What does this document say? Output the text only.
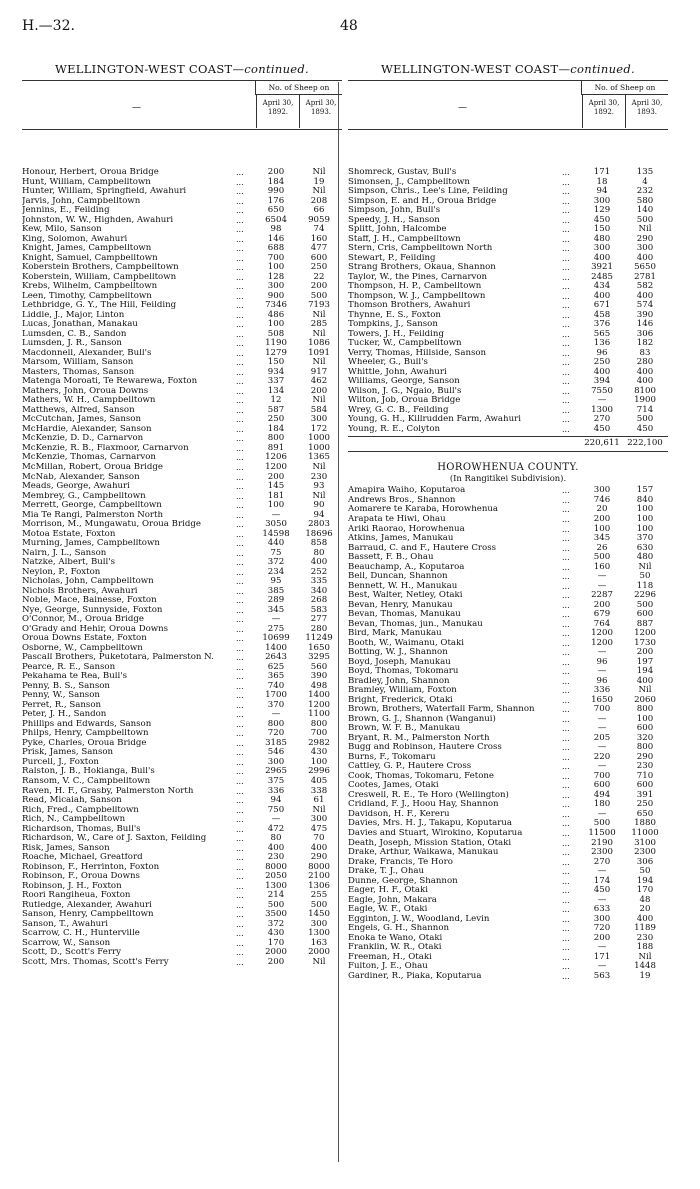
H.—32.	48
WELLINGTON-WEST COAST—continued.
—
No. of Sheep on
April 30, 1892.
April 30, 1893.
Honour, Herbert, Oroua Bridge	...	200	Nil
Hunt, William, Campbelltown	...	184	19
Hunter, William, Springfield, Awahuri	...	990	Nil
Jarvis, John, Campbelltown	...	176	208
Jennins, E., Feilding	...	650	66
Johnston, W. W., Highden, Awahuri	...	6504	9059
Kew, Milo, Sanson	...	98	74
King, Solomon, Awahuri	...	146	160
Knight, James, Campbelltown	...	688	477
Knight, Samuel, Campbelltown	...	700	600
Koberstein Brothers, Campbelltown	...	100	250
Koberstein, William, Campbelltown	...	128	22
Krebs, Wilhelm, Campbelltown	...	300	200
Leen, Timothy, Campbelltown	...	900	500
Lethbridge, G. Y., The Hill, Feilding	...	7346	7193
Liddle, J., Major, Linton	...	486	Nil
Lucas, Jonathan, Manakau	...	100	285
Lumsden, C. B., Sandon	...	508	Nil
Lumsden, J. R., Sanson	...	1190	1086
Macdonnell, Alexander, Bull's	...	1279	1091
Marsom, William, Sanson	...	150	Nil
Masters, Thomas, Sanson	...	934	917
Matenga Moroati, Te Rewarewa, Foxton	...	337	462
Mathers, John, Oroua Downs	...	134	200
Mathers, W. H., Campbelltown	...	12	Nil
Matthews, Alfred, Sanson	...	587	584
McCutchan, James, Sanson	...	250	300
McHardie, Alexander, Sanson	...	184	172
McKenzie, D. D., Carnarvon	...	800	1000
McKenzie, R. B., Flaxmoor, Carnarvon	...	891	1000
McKenzie, Thomas, Carnarvon	...	1206	1365
McMillan, Robert, Oroua Bridge	...	1200	Nil
McNab, Alexander, Sanson	...	200	230
Meads, George, Awahuri	...	145	93
Membrey, G., Campbelltown	...	181	Nil
Merrett, George, Campbelltown	...	100	90
Mia Te Rangi, Palmerston North	...	—	94
Morrison, M., Mungawatu, Oroua Bridge	...	3050	2803
Motoa Estate, Foxton	...	14598	18696
Murning, James, Campbelltown	...	440	858
Nairn, J. L., Sanson	...	75	80
Natzke, Albert, Bull's	...	372	400
Neylon, P., Foxton	...	234	252
Nicholas, John, Campbelltown	...	95	335
Nichols Brothers, Awahuri	...	385	340
Noble, Mace, Bainesse, Foxton	...	289	268
Nye, George, Sunnyside, Foxton	...	345	583
O'Connor, M., Oroua Bridge	...	—	277
O'Grady and Hehir, Oroua Downs	...	275	280
Oroua Downs Estate, Foxton	...	10699	11249
Osborne, W., Campbelltown	...	1400	1650
Pascall Brothers, Puketotara, Palmerston N.	...	2643	3295
Pearce, R. E., Sanson	...	625	560
Pekahama te Rea, Bull's	...	365	390
Penny, B. S., Sanson	...	740	498
Penny, W., Sanson	...	1700	1400
Perret, R., Sanson	...	370	1200
Peter, J. H., Sandon	...	—	1100
Phillips and Edwards, Sanson	...	800	800
Philps, Henry, Campbelltown	...	720	700
Pyke, Charles, Oroua Bridge	...	3185	2982
Prisk, James, Sanson	...	546	430
Purcell, J., Foxton	...	300	100
Ralston, J. B., Hokianga, Bull's	...	2965	2996
Ransom, V. C., Campbelltown	...	375	405
Raven, H. F., Grasby, Palmerston North	...	336	338
Read, Micaiah, Sanson	...	94	61
Rich, Fred., Campbelltown	...	750	Nil
Rich, N., Campbelltown	...	—	300
Richardson, Thomas, Bull's	...	472	475
Richardson, W., Care of J. Saxton, Feilding	...	80	70
Risk, James, Sanson	...	400	400
Roache, Michael, Greatford	...	230	290
Robinson, F., Herrinton, Foxton	...	8000	8000
Robinson, F., Oroua Downs	...	2050	2100
Robinson, J. H., Foxton	...	1300	1306
Roori Rangiheua, Foxton	...	214	255
Rutledge, Alexander, Awahuri	...	500	500
Sanson, Henry, Campbelltown	...	3500	1450
Sanson, T., Awahuri	...	372	300
Scarrow, C. H., Hunterville	...	430	1300
Scarrow, W., Sanson	...	170	163
Scott, D., Scott's Ferry	...	2000	2000
Scott, Mrs. Thomas, Scott's Ferry	...	200	Nil
WELLINGTON-WEST COAST—continued.
—
No. of Sheep on
April 30, 1892.
April 30, 1893.
Shomreck, Gustav, Bull's	...	171	135
Simonsen, J., Campbelltown	...	18	4
Simpson, Chris., Lee's Line, Feilding	...	94	232
Simpson, E. and H., Oroua Bridge	...	300	580
Simpson, John, Bull's	...	129	140
Speedy, J. H., Sanson	...	450	500
Splitt, John, Halcombe	...	150	Nil
Staff, J. H., Campbelltown	...	480	290
Stern, Cris, Campbelltown North	...	300	300
Stewart, P., Feilding	...	400	400
Strang Brothers, Okaua, Shannon	...	3921	5650
Taylor, W., the Pines, Carnarvon	...	2485	2781
Thompson, H. P., Cambelltown	...	434	582
Thompson, W. J., Campbelltown	...	400	400
Thomson Brothers, Awahuri	...	671	574
Thynne, E. S., Foxton	...	458	390
Tompkins, J., Sanson	...	376	146
Towers, J. H., Feilding	...	565	306
Tucker, W., Campbelltown	...	136	182
Verry, Thomas, Hillside, Sanson	...	96	83
Wheeler, G., Bull's	...	250	280
Whittle, John, Awahuri	...	400	400
Williams, George, Sanson	...	394	400
Wilson, J. G., Ngaio, Bull's	...	7550	8100
Wilton, Job, Oroua Bridge	...	—	1900
Wrey, G. C. B., Feilding	...	1300	714
Young, G. H., Killrudden Farm, Awahuri	...	270	500
Young, R. E., Colyton	...	450	450
220,611 222,100
HOROWHENUA COUNTY.
(In Rangitikei Subdivision).
Amapira Waiho, Koputaroa	...	300	157
Andrews Bros., Shannon	...	746	840
Aomarere te Karaba, Horowhenua	...	20	100
Arapata te Hiwi, Ohau	...	200	100
Ariki Raorao, Horowhenua	...	100	100
Atkins, James, Manukau	...	345	370
Barraud, C. and F., Hautere Cross	...	26	630
Bassett, F. B., Ohau	...	500	480
Beauchamp, A., Koputaroa	...	160	Nil
Bell, Duncan, Shannon	...	—	50
Bennett, W. H., Manukau	...	—	118
Best, Walter, Netley, Otaki	...	2287	2296
Bevan, Henry, Manukau	...	200	500
Bevan, Thomas, Manukau	...	679	600
Bevan, Thomas, jun., Manukau	...	764	887
Bird, Mark, Manukau	...	1200	1200
Booth, W., Waimanu, Otaki	...	1200	1730
Botting, W. J., Shannon	...	—	200
Boyd, Joseph, Manukau	...	96	197
Boyd, Thomas, Tokomaru	...	—	194
Bradley, John, Shannon	...	96	400
Bramley, William, Foxton	...	336	Nil
Bright, Frederick, Otaki	...	1650	2060
Brown, Brothers, Waterfall Farm, Shannon	...	700	800
Brown, G. J., Shannon (Wanganui)	...	—	100
Brown, W. F. B., Manukau	...	—	600
Bryant, R. M., Palmerston North	...	205	320
Bugg and Robinson, Hautere Cross	...	—	800
Burns, F., Tokomaru	...	220	290
Cattley, G. P., Hautere Cross	...	—	230
Cook, Thomas, Tokomaru, Fetone	...	700	710
Cootes, James, Otaki	...	600	600
Creswell, R. E., Te Horo (Wellington)	...	494	391
Cridland, F. J., Hoou Hay, Shannon	...	180	250
Davidson, H. F., Kereru	...	—	650
Davies, Mrs. H. J., Takapu, Koputarua	...	500	1880
Davies and Stuart, Wirokino, Koputarua	...	11500	11000
Death, Joseph, Mission Station, Otaki	...	2190	3100
Drake, Arthur, Waikawa, Manukau	...	2300	2300
Drake, Francis, Te Horo	...	270	306
Drake, T. J., Ohau	...	—	50
Dunne, George, Shannon	...	174	194
Eager, H. F., Otaki	...	450	170
Eagle, John, Makara	...	—	48
Eagle, W. F., Otaki	...	633	20
Egginton, J. W., Woodland, Levin	...	300	400
Engels, G. H., Shannon	...	720	1189
Enoka te Wano, Otaki	...	200	230
Franklin, W. R., Otaki	...	—	188
Freeman, H., Otaki	...	171	Nil
Fulton, J. E., Ohau	...	—	1448
Gardiner, R., Piaka, Koputarua	...	563	19
